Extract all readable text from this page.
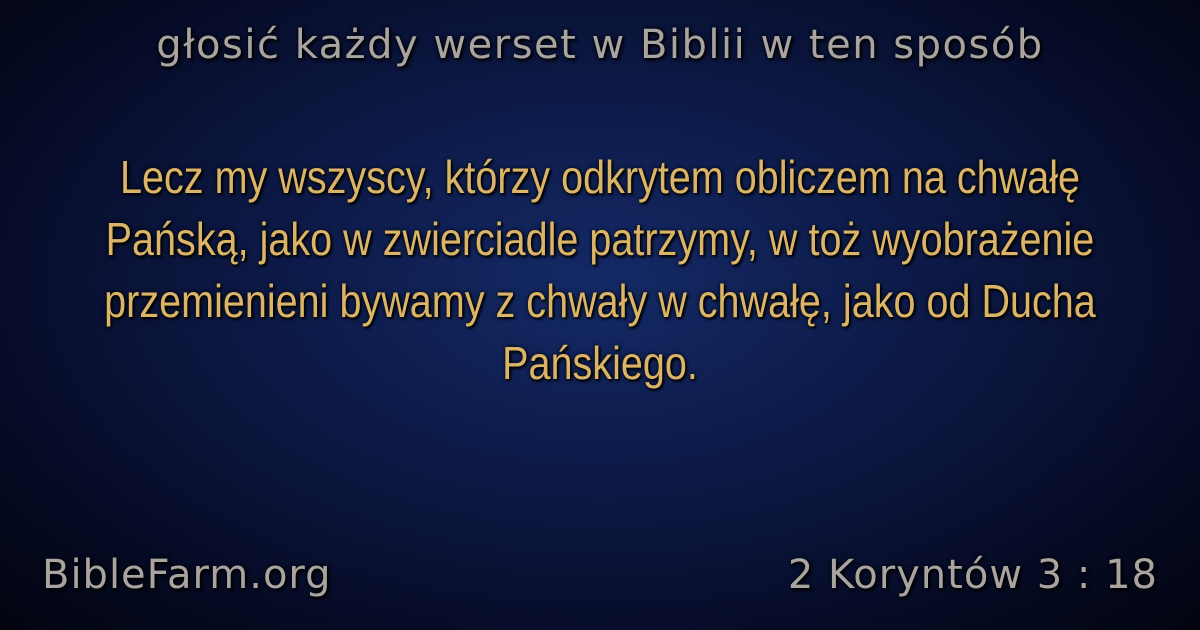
głosić każdy werset w Biblii w ten sposób
Lecz my wszyscy, którzy odkrytem obliczem na chwałę Pańską, jako w zwierciadle patrzymy, w toż wyobrażenie przemienieni bywamy z chwały w chwałę, jako od Ducha Pańskiego.
BibleFarm.org	2 Koryntów 3 : 18
